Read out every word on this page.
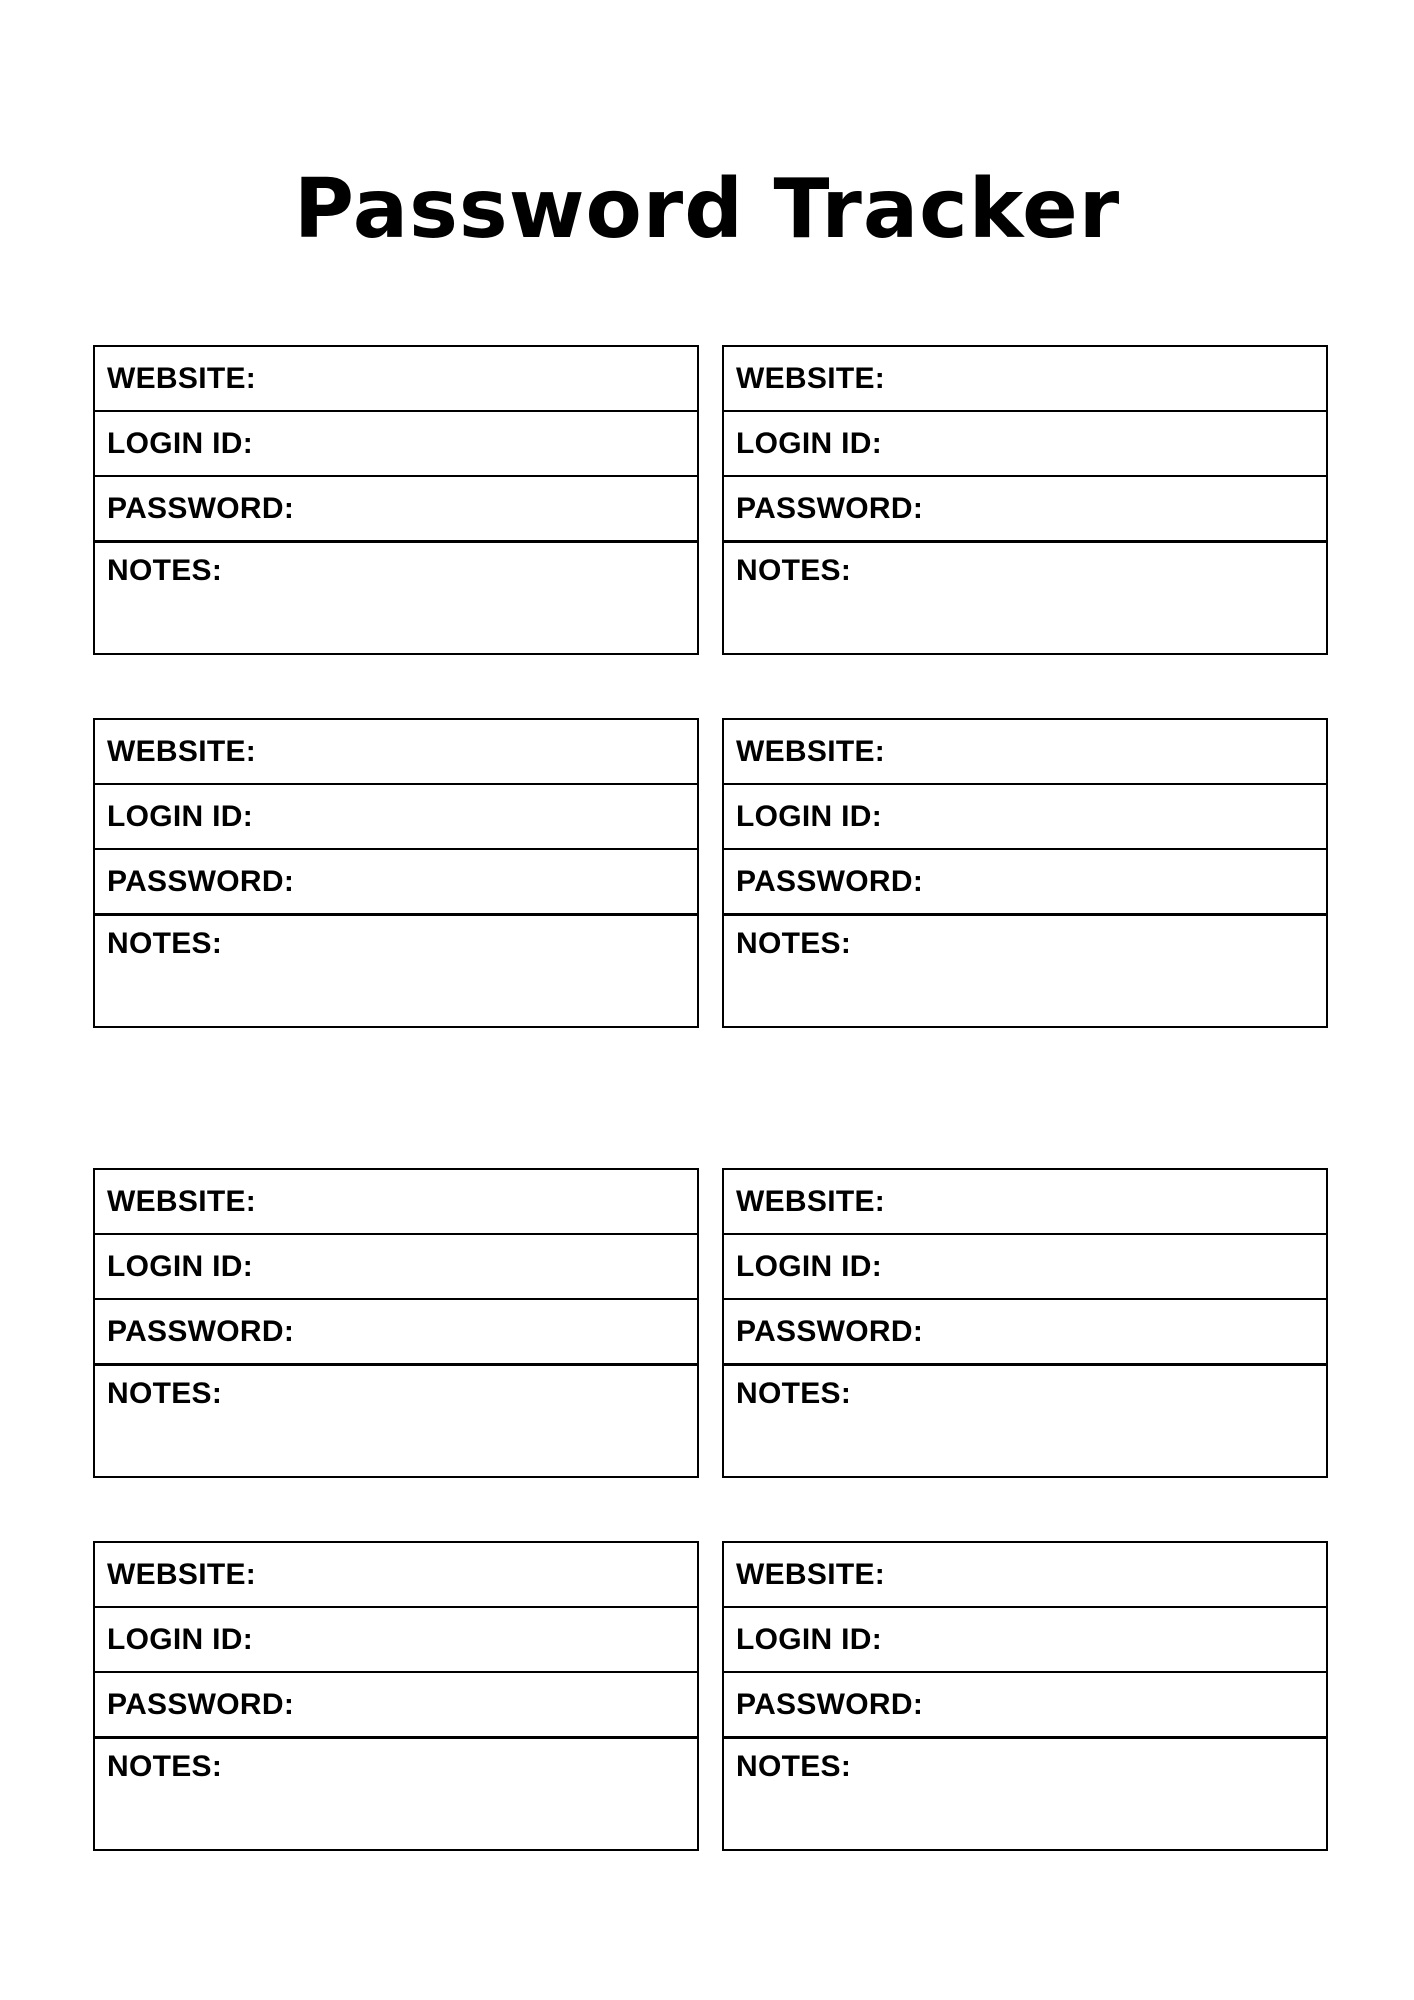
Password Tracker
WEBSITE:
LOGIN ID:
PASSWORD:
NOTES:
WEBSITE:
LOGIN ID:
PASSWORD:
NOTES:
WEBSITE:
LOGIN ID:
PASSWORD:
NOTES:
WEBSITE:
LOGIN ID:
PASSWORD:
NOTES:
WEBSITE:
LOGIN ID:
PASSWORD:
NOTES:
WEBSITE:
LOGIN ID:
PASSWORD:
NOTES:
WEBSITE:
LOGIN ID:
PASSWORD:
NOTES:
WEBSITE:
LOGIN ID:
PASSWORD:
NOTES:
